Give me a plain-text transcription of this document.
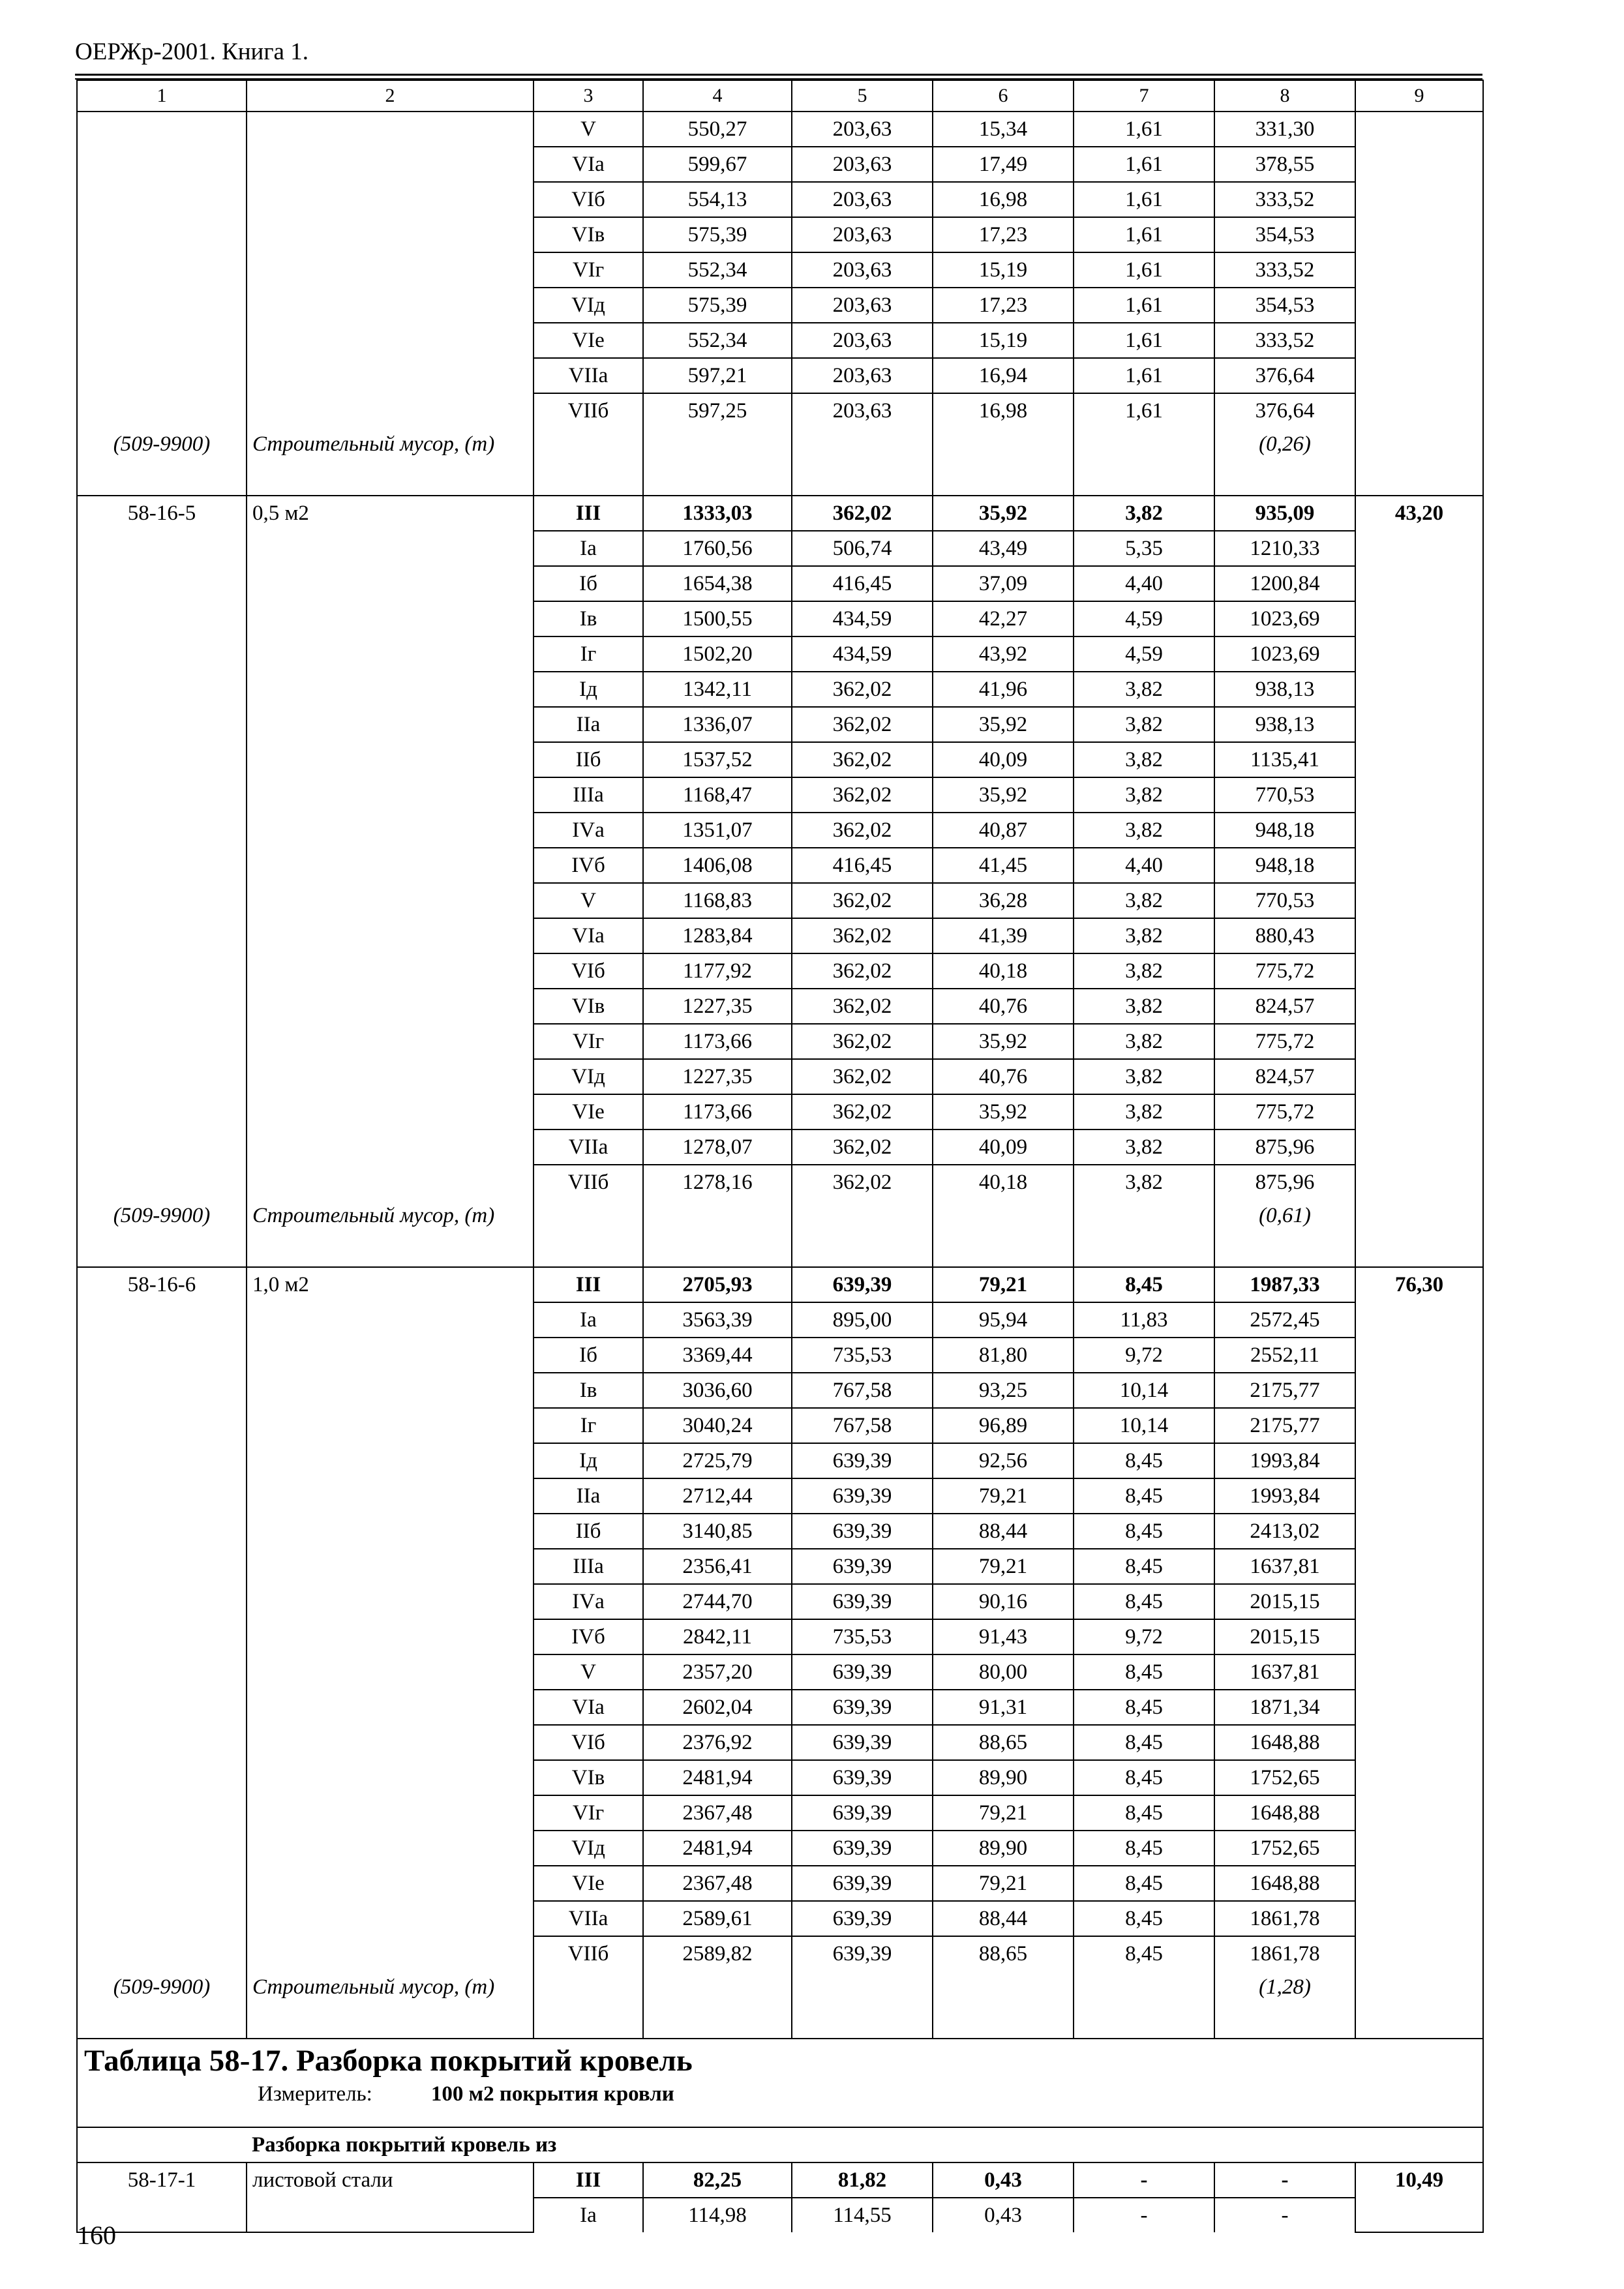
ОЕРЖр-2001. Книга 1.
1	2	3	4	5	6	7	8	9
		V	550,27	203,63	15,34	1,61	331,30	
		VIа	599,67	203,63	17,49	1,61	378,55	
		VIб	554,13	203,63	16,98	1,61	333,52	
		VIв	575,39	203,63	17,23	1,61	354,53	
		VIг	552,34	203,63	15,19	1,61	333,52	
		VIд	575,39	203,63	17,23	1,61	354,53	
		VIе	552,34	203,63	15,19	1,61	333,52	
		VIIа	597,21	203,63	16,94	1,61	376,64	
		VIIб	597,25	203,63	16,98	1,61	376,64	
(509-9900)	Строительный мусор, (т)						(0,26)	
58-16-5	0,5 м2	III	1333,03	362,02	35,92	3,82	935,09	43,20
		Iа	1760,56	506,74	43,49	5,35	1210,33	
		Iб	1654,38	416,45	37,09	4,40	1200,84	
		Iв	1500,55	434,59	42,27	4,59	1023,69	
		Iг	1502,20	434,59	43,92	4,59	1023,69	
		Iд	1342,11	362,02	41,96	3,82	938,13	
		IIа	1336,07	362,02	35,92	3,82	938,13	
		IIб	1537,52	362,02	40,09	3,82	1135,41	
		IIIа	1168,47	362,02	35,92	3,82	770,53	
		IVа	1351,07	362,02	40,87	3,82	948,18	
		IVб	1406,08	416,45	41,45	4,40	948,18	
		V	1168,83	362,02	36,28	3,82	770,53	
		VIа	1283,84	362,02	41,39	3,82	880,43	
		VIб	1177,92	362,02	40,18	3,82	775,72	
		VIв	1227,35	362,02	40,76	3,82	824,57	
		VIг	1173,66	362,02	35,92	3,82	775,72	
		VIд	1227,35	362,02	40,76	3,82	824,57	
		VIе	1173,66	362,02	35,92	3,82	775,72	
		VIIа	1278,07	362,02	40,09	3,82	875,96	
		VIIб	1278,16	362,02	40,18	3,82	875,96	
(509-9900)	Строительный мусор, (т)						(0,61)	
58-16-6	1,0 м2	III	2705,93	639,39	79,21	8,45	1987,33	76,30
		Iа	3563,39	895,00	95,94	11,83	2572,45	
		Iб	3369,44	735,53	81,80	9,72	2552,11	
		Iв	3036,60	767,58	93,25	10,14	2175,77	
		Iг	3040,24	767,58	96,89	10,14	2175,77	
		Iд	2725,79	639,39	92,56	8,45	1993,84	
		IIа	2712,44	639,39	79,21	8,45	1993,84	
		IIб	3140,85	639,39	88,44	8,45	2413,02	
		IIIа	2356,41	639,39	79,21	8,45	1637,81	
		IVа	2744,70	639,39	90,16	8,45	2015,15	
		IVб	2842,11	735,53	91,43	9,72	2015,15	
		V	2357,20	639,39	80,00	8,45	1637,81	
		VIа	2602,04	639,39	91,31	8,45	1871,34	
		VIб	2376,92	639,39	88,65	8,45	1648,88	
		VIв	2481,94	639,39	89,90	8,45	1752,65	
		VIг	2367,48	639,39	79,21	8,45	1648,88	
		VIд	2481,94	639,39	89,90	8,45	1752,65	
		VIе	2367,48	639,39	79,21	8,45	1648,88	
		VIIа	2589,61	639,39	88,44	8,45	1861,78	
		VIIб	2589,82	639,39	88,65	8,45	1861,78	
(509-9900)	Строительный мусор, (т)						(1,28)	

Таблица 58-17. Разборка покрытий кровель
Измеритель: 100 м2 покрытия кровли								

	Разборка покрытий кровель из							
58-17-1	листовой стали	III	82,25	81,82	0,43	-	-	10,49
		Iа	114,98	114,55	0,43	-	-	
160
